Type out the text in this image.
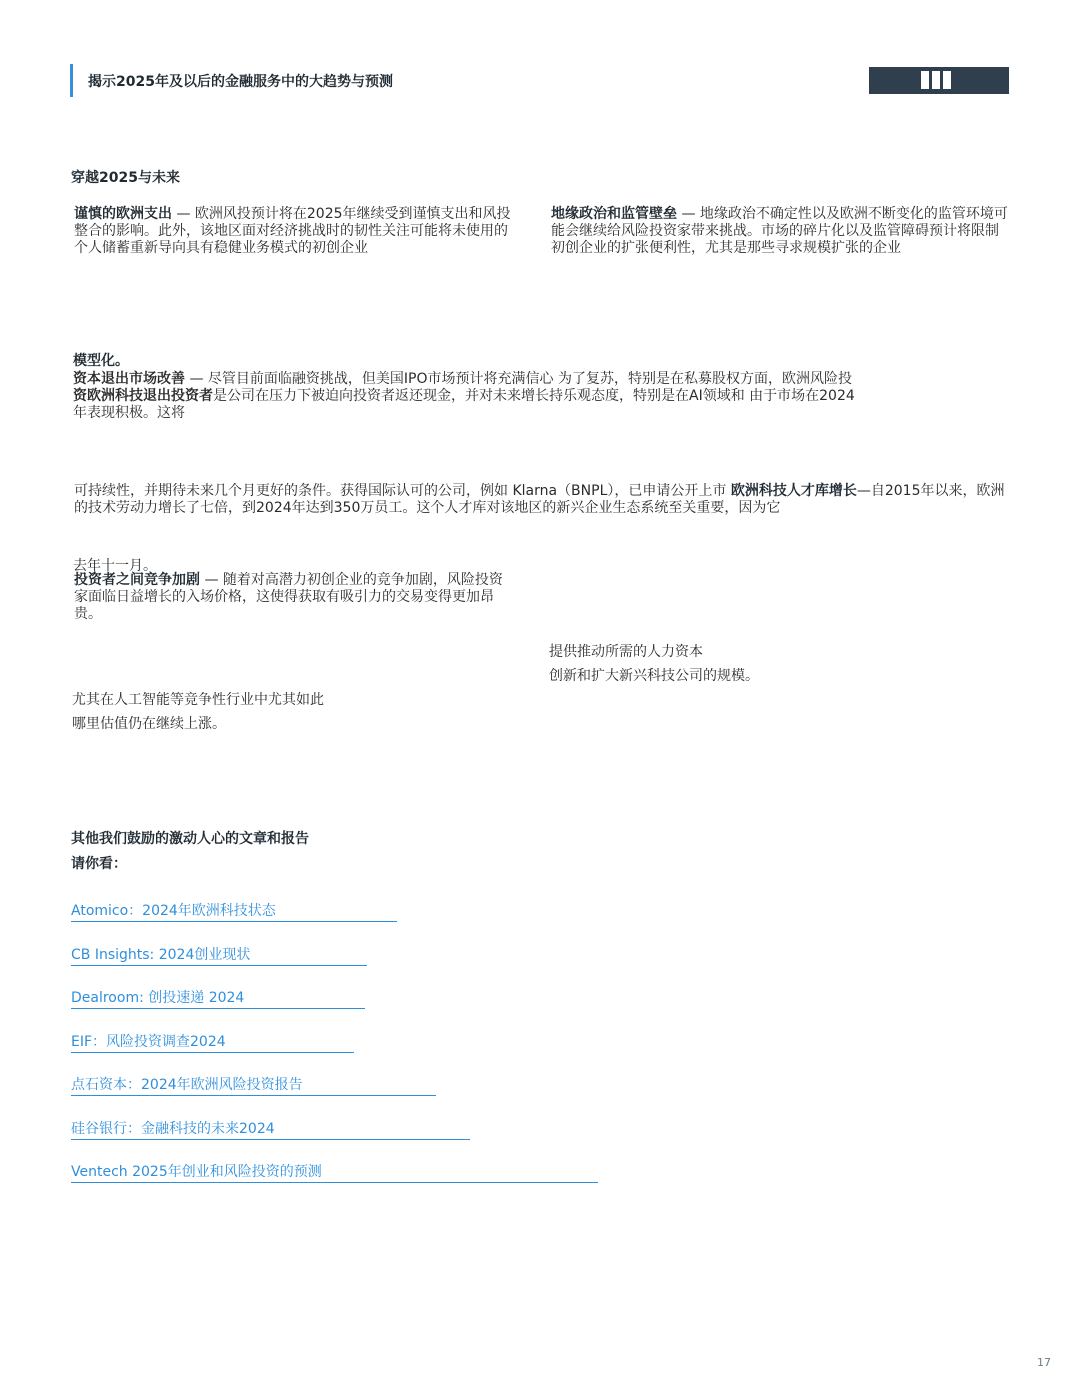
揭示2025年及以后的金融服务中的大趋势与预测
穿越2025与未来
谨慎的欧洲支出 — 欧洲风投预计将在2025年继续受到谨慎支出和风投整合的影响。此外，该地区面对经济挑战时的韧性关注可能将未使用的个人储蓄重新导向具有稳健业务模式的初创企业
地缘政治和监管壁垒 — 地缘政治不确定性以及欧洲不断变化的监管环境可能会继续给风险投资家带来挑战。市场的碎片化以及监管障碍预计将限制初创企业的扩张便利性，尤其是那些寻求规模扩张的企业
模型化。
资本退出市场改善 — 尽管目前面临融资挑战，但美国IPO市场预计将充满信心 为了复苏，特别是在私募股权方面，欧洲风险投
资欧洲科技退出投资者是公司在压力下被迫向投资者返还现金，并对未来增长持乐观态度，特别是在AI领域和 由于市场在2024
年表现积极。这将
可持续性，并期待未来几个月更好的条件。获得国际认可的公司，例如 Klarna（BNPL），已申请公开上市 欧洲科技人才库增长—自2015年以来，欧洲的技术劳动力增长了七倍，到2024年达到350万员工。这个人才库对该地区的新兴企业生态系统至关重要，因为它
去年十一月。
投资者之间竞争加剧 — 随着对高潜力初创企业的竞争加剧，风险投资家面临日益增长的入场价格，这使得获取有吸引力的交易变得更加昂贵。
提供推动所需的人力资本
创新和扩大新兴科技公司的规模。
尤其在人工智能等竞争性行业中尤其如此
哪里估值仍在继续上涨。
其他我们鼓励的激动人心的文章和报告
请你看：
Atomico：2024年欧洲科技状态
CB Insights: 2024创业现状
Dealroom: 创投速递 2024
EIF：风险投资调查2024
点石资本：2024年欧洲风险投资报告
硅谷银行：金融科技的未来2024
Ventech 2025年创业和风险投资的预测
17
